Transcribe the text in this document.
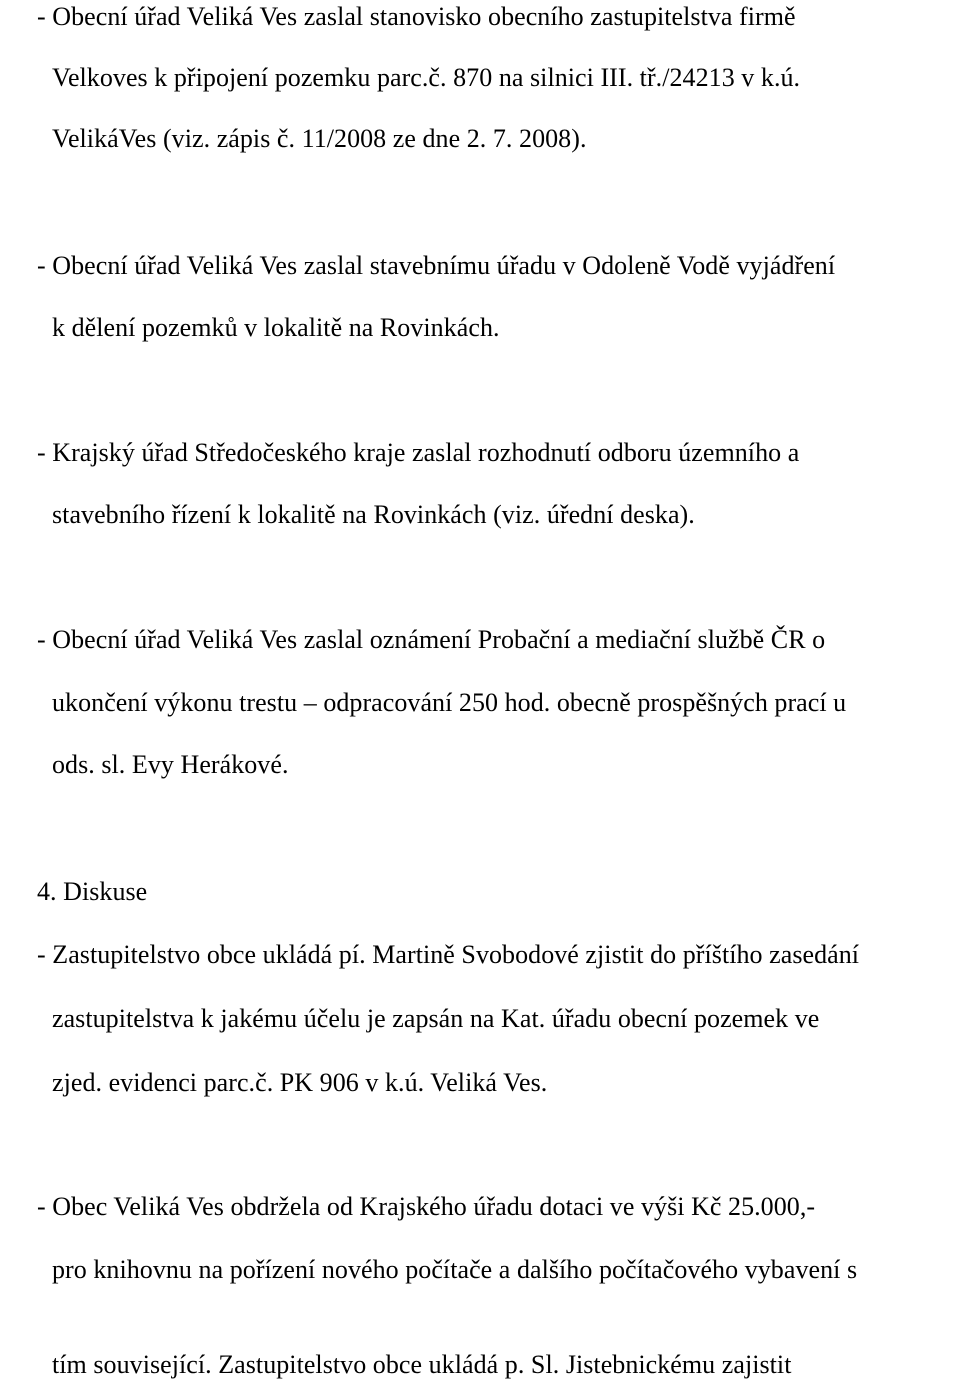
- Obecní úřad Veliká Ves zaslal stanovisko obecního zastupitelstva firmě
Velkoves k připojení pozemku parc.č. 870 na silnici III. tř./24213 v k.ú.
VelikáVes (viz. zápis č. 11/2008 ze dne 2. 7. 2008).
- Obecní úřad Veliká Ves zaslal stavebnímu úřadu v Odoleně Vodě vyjádření
k dělení pozemků v lokalitě na Rovinkách.
- Krajský úřad Středočeského kraje zaslal rozhodnutí odboru územního a
stavebního řízení k lokalitě na Rovinkách (viz. úřední deska).
- Obecní úřad Veliká Ves zaslal oznámení Probační a mediační službě ČR o
ukončení výkonu trestu – odpracování 250 hod. obecně prospěšných prací u
ods. sl. Evy Herákové.
4. Diskuse
- Zastupitelstvo obce ukládá pí. Martině Svobodové zjistit do příštího zasedání
zastupitelstva k jakému účelu je zapsán na Kat. úřadu obecní pozemek ve
zjed. evidenci parc.č. PK 906 v k.ú. Veliká Ves.
- Obec Veliká Ves obdržela od Krajského úřadu dotaci ve výši Kč 25.000,-
pro knihovnu na pořízení nového počítače a dalšího počítačového vybavení s
tím související. Zastupitelstvo obce ukládá p. Sl. Jistebnickému zajistit
